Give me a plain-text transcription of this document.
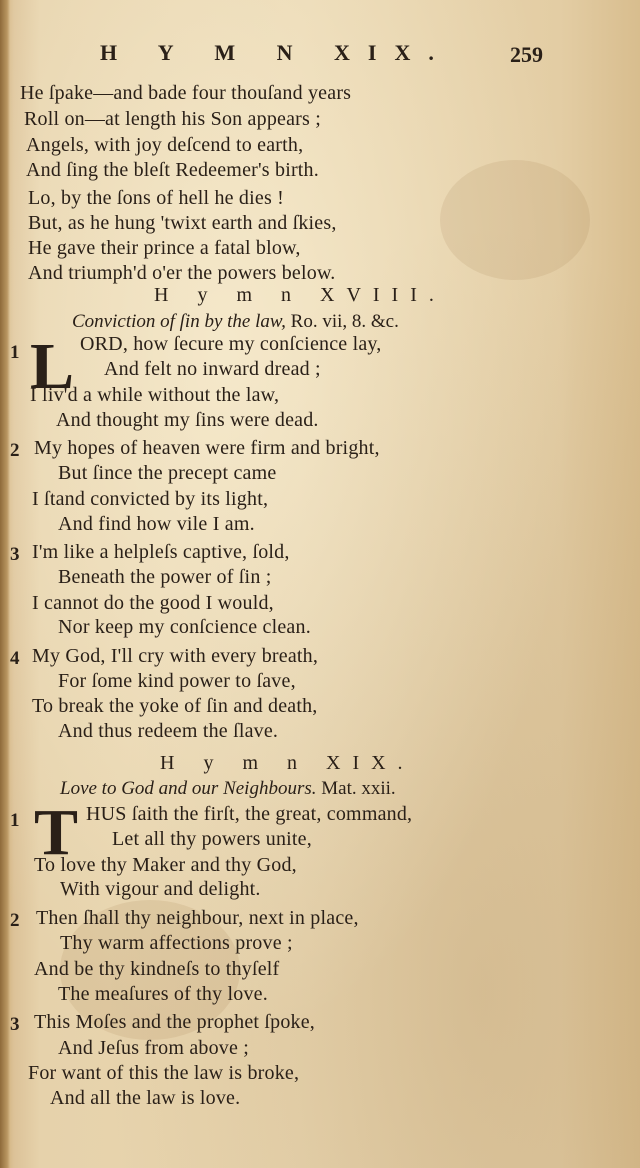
H Y M N XIX.	259
He ſpake—and bade four thouſand years
Roll on—at length his Son appears ;
Angels, with joy deſcend to earth,
And ſing the bleſt Redeemer's birth.
Lo, by the ſons of hell he dies !
But, as he hung 'twixt earth and ſkies,
He gave their prince a fatal blow,
And triumph'd o'er the powers below.
H y m n XVIII.
Conviction of ſin by the law, Ro. vii, 8. &c.
1 L ORD, how ſecure my conſcience lay,
And felt no inward dread ;
I liv'd a while without the law,
And thought my ſins were dead.
2 My hopes of heaven were firm and bright,
But ſince the precept came
I ſtand convicted by its light,
And find how vile I am.
3 I'm like a helpleſs captive, ſold,
Beneath the power of ſin ;
I cannot do the good I would,
Nor keep my conſcience clean.
4 My God, I'll cry with every breath,
For ſome kind power to ſave,
To break the yoke of ſin and death,
And thus redeem the ſlave.
H y m n XIX.
Love to God and our Neighbours. Mat. xxii.
1 T HUS ſaith the firſt, the great, command,
Let all thy powers unite,
To love thy Maker and thy God,
With vigour and delight.
2 Then ſhall thy neighbour, next in place,
Thy warm affections prove ;
And be thy kindneſs to thyſelf
The meaſures of thy love.
3 This Moſes and the prophet ſpoke,
And Jeſus from above ;
For want of this the law is broke,
And all the law is love.
